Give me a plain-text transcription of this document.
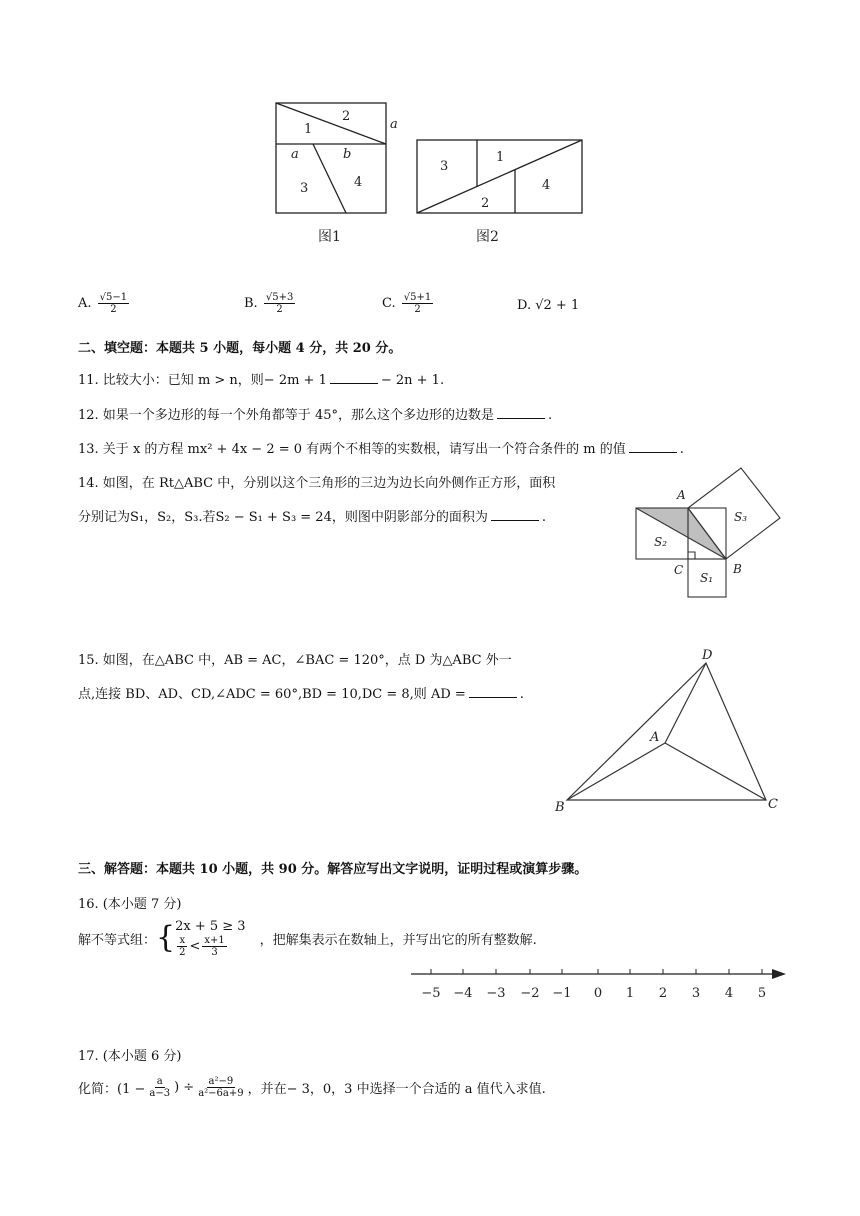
2
1	a
a	b
3	4
图1
3
1
4
2
图2
A. $\frac{√5-1}{2}$	B. $\frac{√5+3}{2}$	C. $\frac{√5+1}{2}$	D. √2 + 1
二、填空题：本题共 5 小题，每小题 4 分，共 20 分。
11. 比较大小：已知 m > n，则− 2m + 1	− 2n + 1.
12. 如果一个多边形的每一个外角都等于 45°，那么这个多边形的边数是	.
13. 关于 x 的方程 mx² + 4x − 2 = 0 有两个不相等的实数根，请写出一个符合条件的 m 的值	.
14. 如图，在 Rt△ABC 中，分别以这个三角形的三边为边长向外侧作正方形，面积
分别记为S₁，S₂，S₃.若S₂ − S₁ + S₃ = 24，则图中阴影部分的面积为	.
A
S₃
S₂
C	B
S₁
15. 如图，在△ABC 中，AB = AC，∠BAC = 120°，点 D 为△ABC 外一
点,连接 BD、AD、CD,∠ADC = 60°,BD = 10,DC = 8,则 AD =	.
D
A
B	C
三、解答题：本题共 10 小题，共 90 分。解答应写出文字说明，证明过程或演算步骤。
16. (本小题 7 分)
解不等式组： { 2x + 5 ≥ 3
$\frac{x}{2} < \frac{x+1}{3}$	，把解集表示在数轴上，并写出它的所有整数解.
−5 −4 −3 −2 −1 0 1 2 3 4 5
17. (本小题 6 分)
化简：($1 - \frac{a}{a-3}$ ) ÷ $\frac{\text{a²−9}}{\text{a²−6a+9}}$ ，并在− 3，0，3 中选择一个合适的 a 值代入求值.
